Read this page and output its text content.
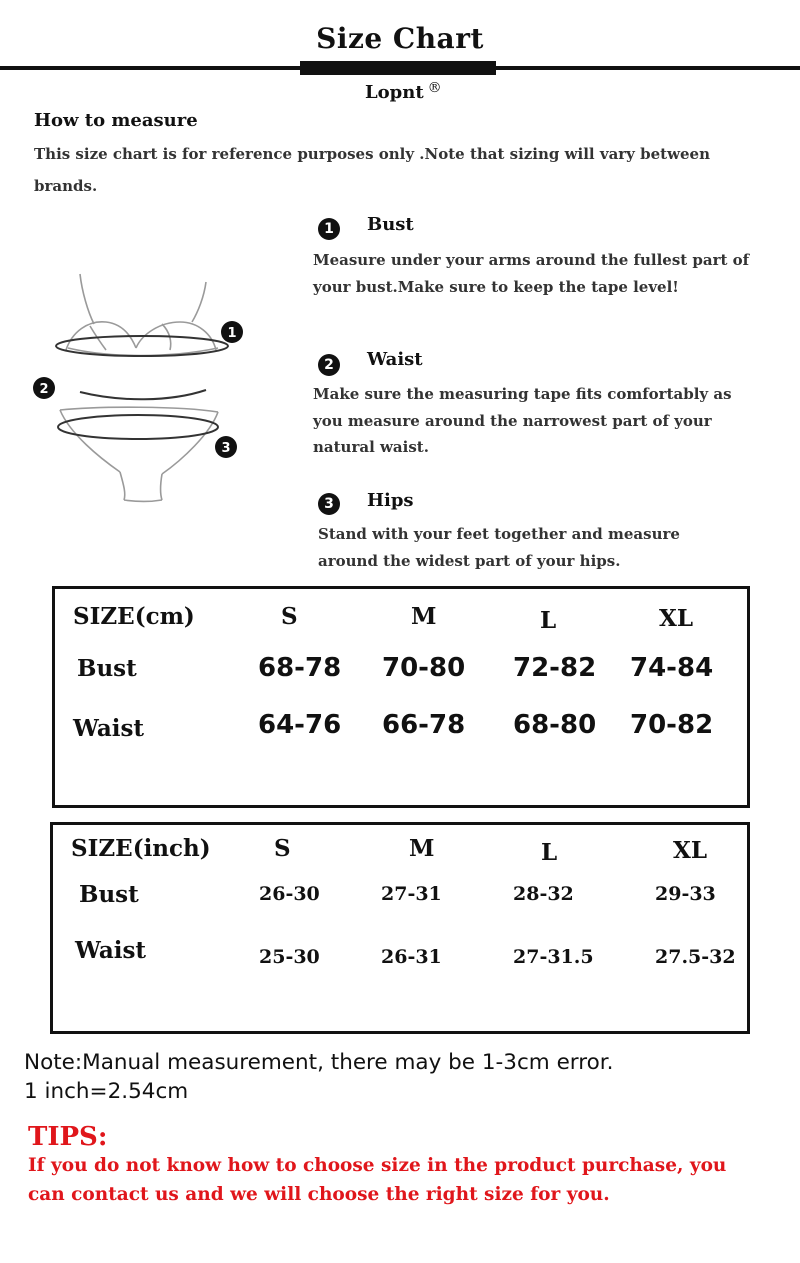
Size Chart
Lopnt ®
How to measure
This size chart is for reference purposes only .Note that sizing will vary between brands.
1
2
3
1	Bust
Measure under your arms around the fullest part of your bust.Make sure to keep the tape level!
2	Waist
Make sure the measuring tape fits comfortably as you measure around the narrowest part of your natural waist.
3	Hips
Stand with your feet together and measure around the widest part of your hips.
SIZE(cm)	S	M	L	XL
Bust	68-78 70-80 72-82 74-84
Waist	64-76 66-78 68-80 70-82
SIZE(inch)	S	M	L	XL
Bust	26-30	27-31	28-32	29-33
Waist	25-30	26-31	27-31.5	27.5-32
Note:Manual measurement, there may be 1-3cm error.
1 inch=2.54cm
TIPS:
If you do not know how to choose size in the product purchase, you can contact us and we will choose the right size for you.
